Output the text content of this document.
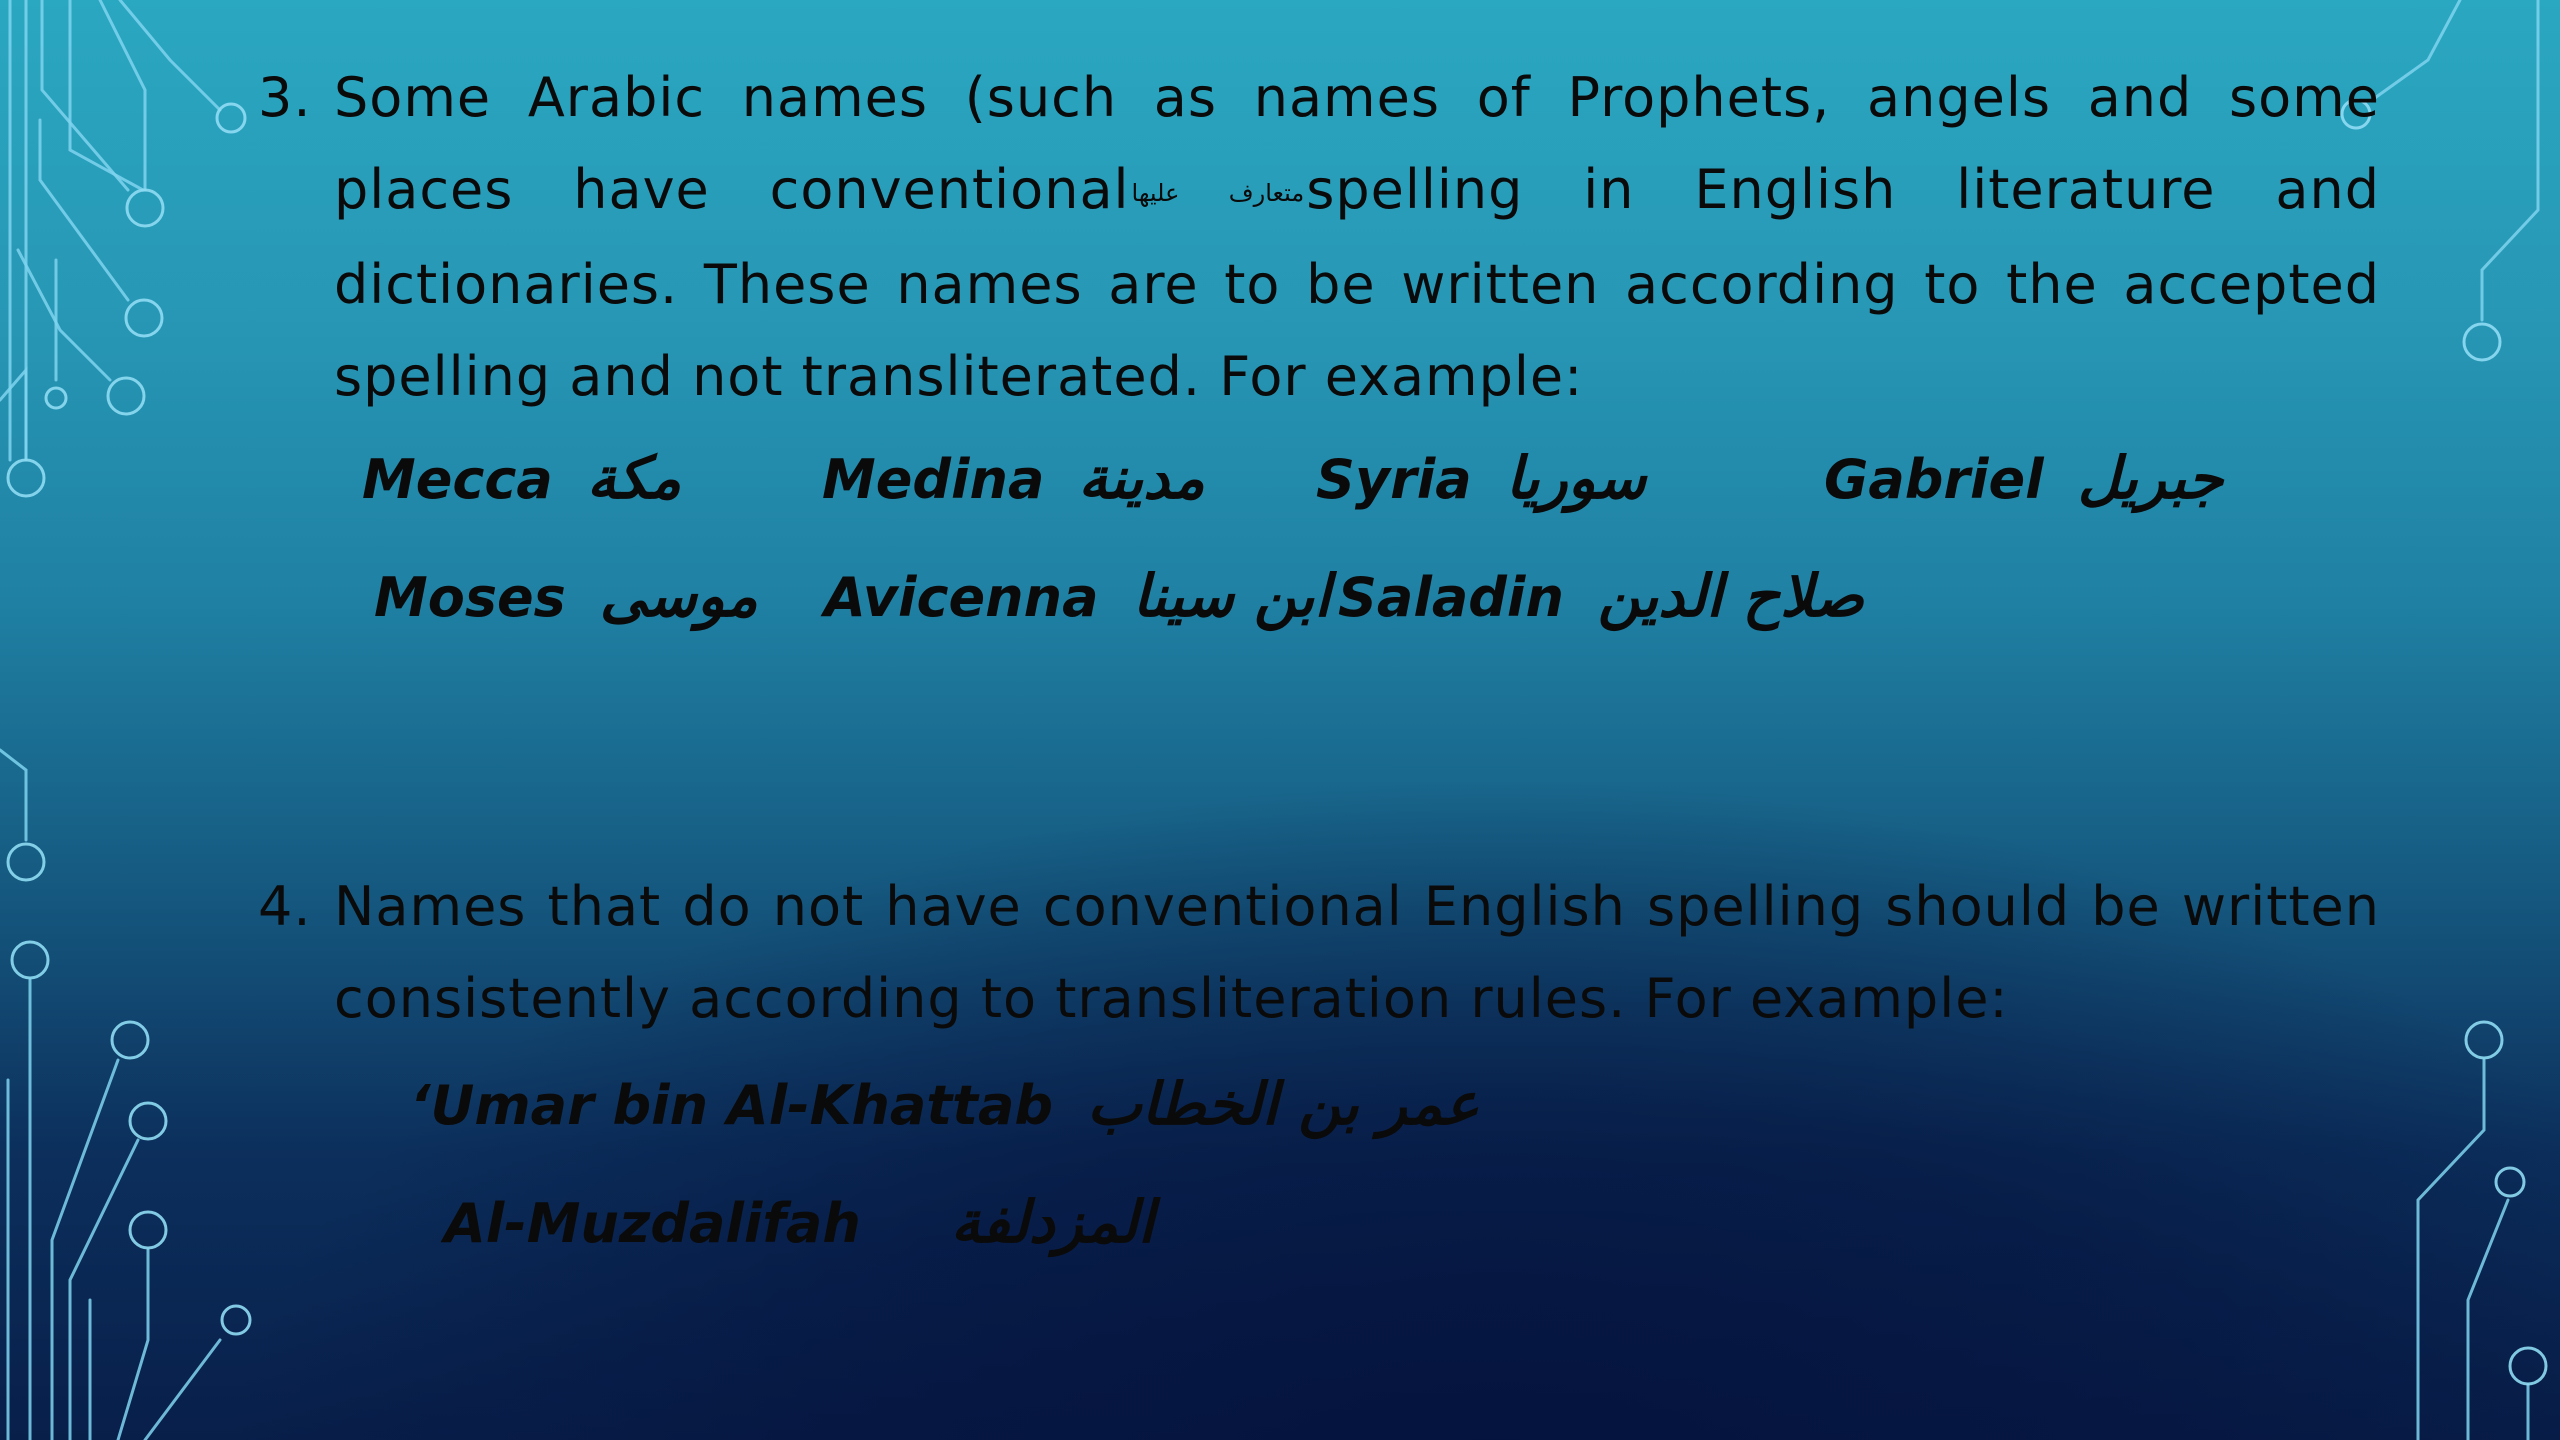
3. Some Arabic names (such as names of Prophets, angels and some places have conventionalمتعارف عليهاspelling in English literature and dictionaries. These names are to be written according to the accepted spelling and not transliterated. For example:
Mecca مكة	Medina مدينة Syria سوريا	Gabriel جبريل
Moses موسى Avicenna ابن سينا Saladin صلاح الدين
4. Names that do not have conventional English spelling should be written consistently according to transliteration rules. For example:
‘Umar bin Al-Khattab عمر بن الخطاب
Al-Muzdalifah المزدلفة
